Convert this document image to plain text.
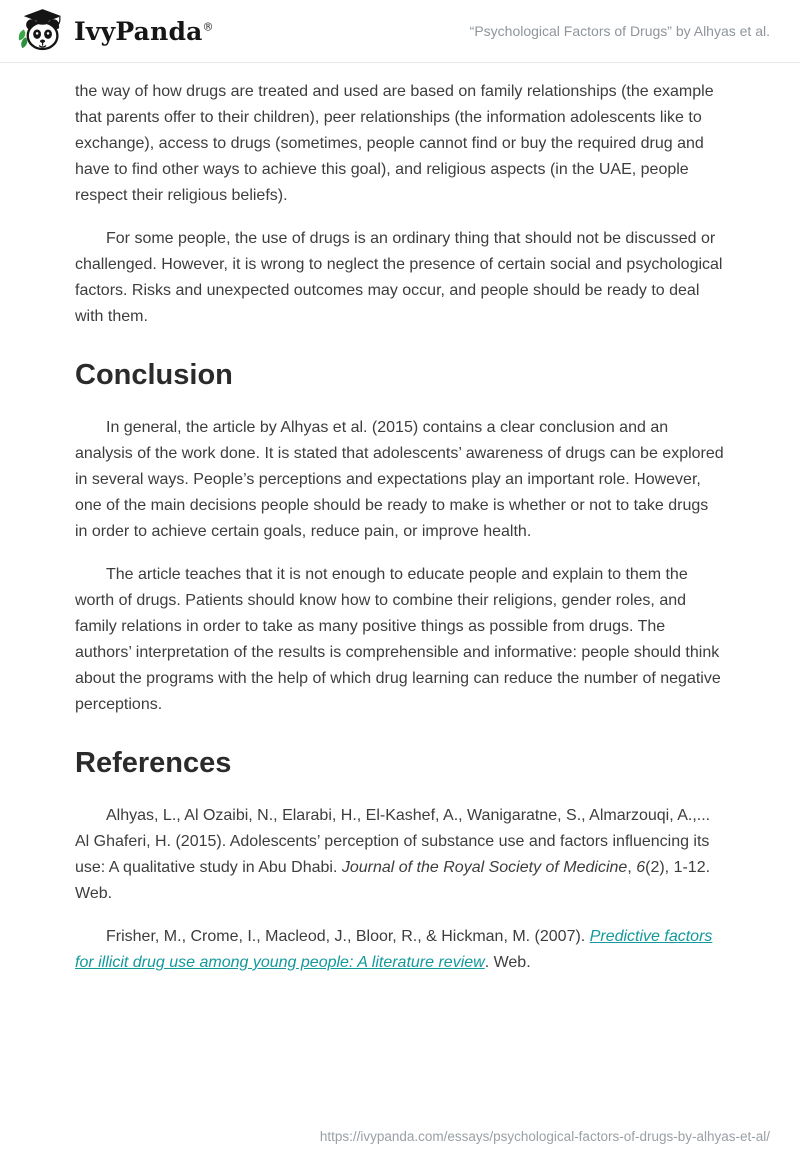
IvyPanda®	“Psychological Factors of Drugs” by Alhyas et al.

the way of how drugs are treated and used are based on family relationships (the example that parents offer to their children), peer relationships (the information adolescents like to exchange), access to drugs (sometimes, people cannot find or buy the required drug and have to find other ways to achieve this goal), and religious aspects (in the UAE, people respect their religious beliefs).

For some people, the use of drugs is an ordinary thing that should not be discussed or challenged. However, it is wrong to neglect the presence of certain social and psychological factors. Risks and unexpected outcomes may occur, and people should be ready to deal with them.

Conclusion

In general, the article by Alhyas et al. (2015) contains a clear conclusion and an analysis of the work done. It is stated that adolescents’ awareness of drugs can be explored in several ways. People’s perceptions and expectations play an important role. However, one of the main decisions people should be ready to make is whether or not to take drugs in order to achieve certain goals, reduce pain, or improve health.

The article teaches that it is not enough to educate people and explain to them the worth of drugs. Patients should know how to combine their religions, gender roles, and family relations in order to take as many positive things as possible from drugs. The authors’ interpretation of the results is comprehensible and informative: people should think about the programs with the help of which drug learning can reduce the number of negative perceptions.

References

Alhyas, L., Al Ozaibi, N., Elarabi, H., El-Kashef, A., Wanigaratne, S., Almarzouqi, A.,... Al Ghaferi, H. (2015). Adolescents’ perception of substance use and factors influencing its use: A qualitative study in Abu Dhabi. Journal of the Royal Society of Medicine, 6(2), 1-12. Web.

Frisher, M., Crome, I., Macleod, J., Bloor, R., & Hickman, M. (2007). Predictive factors for illicit drug use among young people: A literature review. Web.

https://ivypanda.com/essays/psychological-factors-of-drugs-by-alhyas-et-al/
